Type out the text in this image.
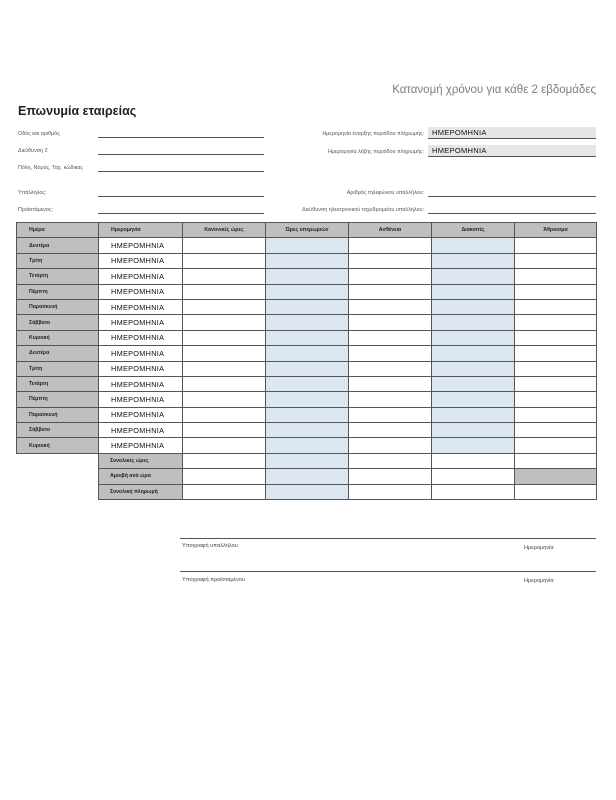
Κατανομή χρόνου για κάθε 2 εβδομάδες
Επωνυμία εταιρείας
Οδός και αριθμός
Διεύθυνση 2
Πόλη, Νομός, Ταχ. κώδικας
Ημερομηνία έναρξης περιόδου πληρωμής:	ΗΜΕΡΟΜΗΝΙΑ
Ημερομηνία λήξης περιόδου πληρωμής:	ΗΜΕΡΟΜΗΝΙΑ
Υπάλληλος:
Προϊστάμενος:
Αριθμός τηλεφώνου υπαλλήλου:
Διεύθυνση ηλεκτρονικού ταχυδρομείου υπαλλήλου:
Ημέρα	Ημερομηνία	Κανονικές ώρες	Ώρες υπερωριών	Ασθένεια	Διακοπές	Άθροισμα
Δευτέρα	ΗΜΕΡΟΜΗΝΙΑ					
Τρίτη	ΗΜΕΡΟΜΗΝΙΑ					
Τετάρτη	ΗΜΕΡΟΜΗΝΙΑ					
Πέμπτη	ΗΜΕΡΟΜΗΝΙΑ					
Παρασκευή	ΗΜΕΡΟΜΗΝΙΑ					
Σάββατο	ΗΜΕΡΟΜΗΝΙΑ					
Κυριακή	ΗΜΕΡΟΜΗΝΙΑ					
Δευτέρα	ΗΜΕΡΟΜΗΝΙΑ					
Τρίτη	ΗΜΕΡΟΜΗΝΙΑ					
Τετάρτη	ΗΜΕΡΟΜΗΝΙΑ					
Πέμπτη	ΗΜΕΡΟΜΗΝΙΑ					
Παρασκευή	ΗΜΕΡΟΜΗΝΙΑ					
Σάββατο	ΗΜΕΡΟΜΗΝΙΑ					
Κυριακή	ΗΜΕΡΟΜΗΝΙΑ					
	Συνολικές ώρες					
	Αμοιβή ανά ώρα					
	Συνολική πληρωμή					
Υπογραφή υπαλλήλου	Ημερομηνία
Υπογραφή προϊσταμένου	Ημερομηνία
